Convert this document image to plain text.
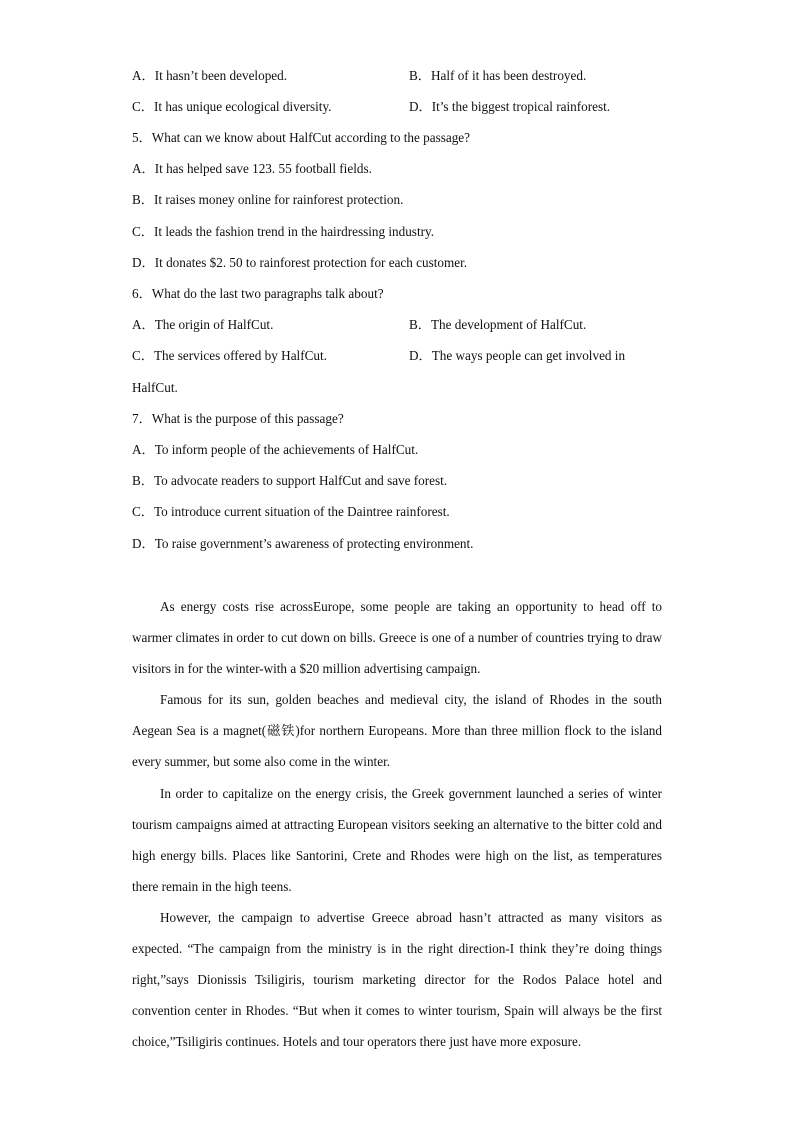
A．It hasn’t been developed.	B．Half of it has been destroyed.
C．It has unique ecological diversity.	D．It’s the biggest tropical rainforest.
5．What can we know about HalfCut according to the passage?
A．It has helped save 123. 55 football fields.
B．It raises money online for rainforest protection.
C．It leads the fashion trend in the hairdressing industry.
D．It donates $2. 50 to rainforest protection for each customer.
6．What do the last two paragraphs talk about?
A．The origin of HalfCut.	B．The development of HalfCut.
C．The services offered by HalfCut.	D．The ways people can get involved in
HalfCut.
7．What is the purpose of this passage?
A．To inform people of the achievements of HalfCut.
B．To advocate readers to support HalfCut and save forest.
C．To introduce current situation of the Daintree rainforest.
D．To raise government’s awareness of protecting environment.

As energy costs rise acrossEurope, some people are taking an opportunity to head off to warmer climates in order to cut down on bills. Greece is one of a number of countries trying to draw visitors in for the winter-with a $20 million advertising campaign.

Famous for its sun, golden beaches and medieval city, the island of Rhodes in the south Aegean Sea is a magnet(磁铁)for northern Europeans. More than three million flock to the island every summer, but some also come in the winter.

In order to capitalize on the energy crisis, the Greek government launched a series of winter tourism campaigns aimed at attracting European visitors seeking an alternative to the bitter cold and high energy bills. Places like Santorini, Crete and Rhodes were high on the list, as temperatures there remain in the high teens.

However, the campaign to advertise Greece abroad hasn’t attracted as many visitors as expected. “The campaign from the ministry is in the right direction-I think they’re doing things right,”says Dionissis Tsiligiris, tourism marketing director for the Rodos Palace hotel and convention center in Rhodes. “But when it comes to winter tourism, Spain will always be the first choice,”Tsiligiris continues. Hotels and tour operators there just have more exposure.
